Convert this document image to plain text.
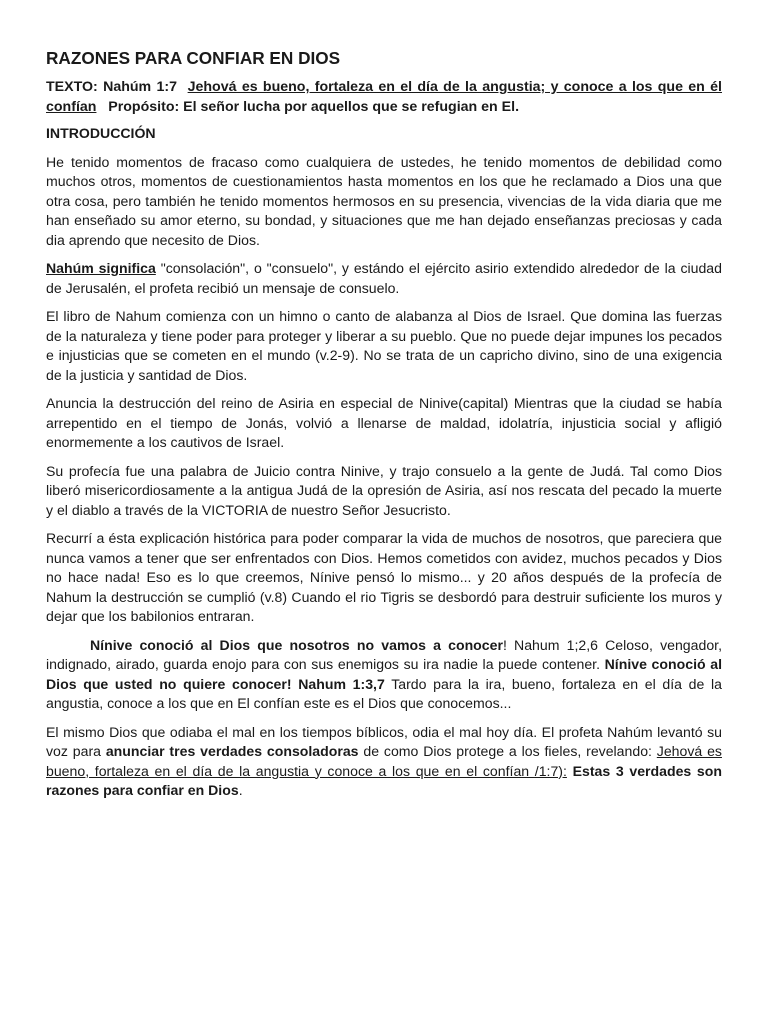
RAZONES PARA CONFIAR EN DIOS

TEXTO: Nahúm 1:7 Jehová es bueno, fortaleza en el día de la angustia; y conoce a los que en él confían Propósito: El señor lucha por aquellos que se refugian en El.

INTRODUCCIÓN

He tenido momentos de fracaso como cualquiera de ustedes, he tenido momentos de debilidad como muchos otros, momentos de cuestionamientos hasta momentos en los que he reclamado a Dios una que otra cosa, pero también he tenido momentos hermosos en su presencia, vivencias de la vida diaria que me han enseñado su amor eterno, su bondad, y situaciones que me han dejado enseñanzas preciosas y cada dia aprendo que necesito de Dios.

Nahúm significa "consolación", o "consuelo", y estándo el ejército asirio extendido alrededor de la ciudad de Jerusalén, el profeta recibió un mensaje de consuelo.

El libro de Nahum comienza con un himno o canto de alabanza al Dios de Israel. Que domina las fuerzas de la naturaleza y tiene poder para proteger y liberar a su pueblo. Que no puede dejar impunes los pecados e injusticias que se cometen en el mundo (v.2-9). No se trata de un capricho divino, sino de una exigencia de la justicia y santidad de Dios.

Anuncia la destrucción del reino de Asiria en especial de Ninive(capital) Mientras que la ciudad se había arrepentido en el tiempo de Jonás, volvió a llenarse de maldad, idolatría, injusticia social y afligió enormemente a los cautivos de Israel.

Su profecía fue una palabra de Juicio contra Ninive, y trajo consuelo a la gente de Judá. Tal como Dios liberó misericordiosamente a la antigua Judá de la opresión de Asiria, así nos rescata del pecado la muerte y el diablo a través de la VICTORIA de nuestro Señor Jesucristo.

Recurrí a ésta explicación histórica para poder comparar la vida de muchos de nosotros, que pareciera que nunca vamos a tener que ser enfrentados con Dios. Hemos cometidos con avidez, muchos pecados y Dios no hace nada! Eso es lo que creemos, Nínive pensó lo mismo... y 20 años después de la profecía de Nahum la destrucción se cumplió (v.8) Cuando el rio Tigris se desbordó para destruir suficiente los muros y dejar que los babilonios entraran.

Nínive conoció al Dios que nosotros no vamos a conocer! Nahum 1;2,6 Celoso, vengador, indignado, airado, guarda enojo para con sus enemigos su ira nadie la puede contener. Nínive conoció al Dios que usted no quiere conocer! Nahum 1:3,7 Tardo para la ira, bueno, fortaleza en el día de la angustia, conoce a los que en El confían este es el Dios que conocemos...

El mismo Dios que odiaba el mal en los tiempos bíblicos, odia el mal hoy día. El profeta Nahúm levantó su voz para anunciar tres verdades consoladoras de como Dios protege a los fieles, revelando: Jehová es bueno, fortaleza en el día de la angustia y conoce a los que en el confían /1:7): Estas 3 verdades son razones para confiar en Dios.
